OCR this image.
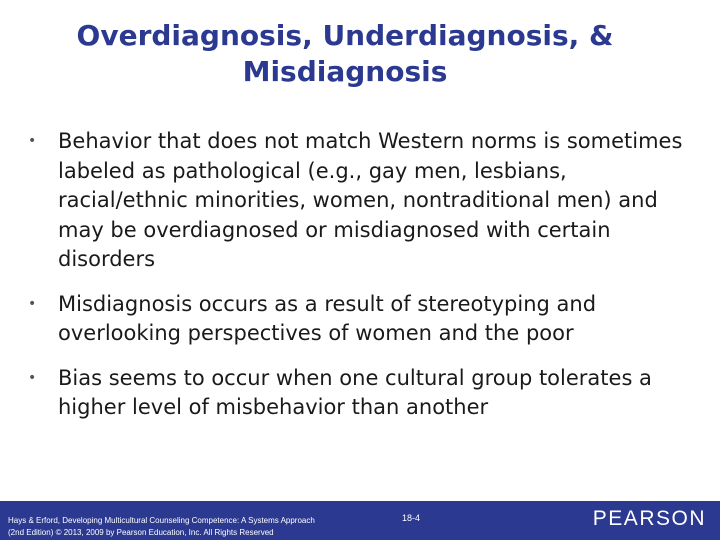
Overdiagnosis, Underdiagnosis, & Misdiagnosis
• Behavior that does not match Western norms is sometimes labeled as pathological (e.g., gay men, lesbians, racial/ethnic minorities, women, nontraditional men) and may be overdiagnosed or misdiagnosed with certain disorders
• Misdiagnosis occurs as a result of stereotyping and overlooking perspectives of women and the poor
• Bias seems to occur when one cultural group tolerates a higher level of misbehavior than another

Hays & Erford, Developing Multicultural Counseling Competence: A Systems Approach
(2nd Edition) © 2013, 2009 by Pearson Education, Inc. All Rights Reserved

18-4	PEARSON
